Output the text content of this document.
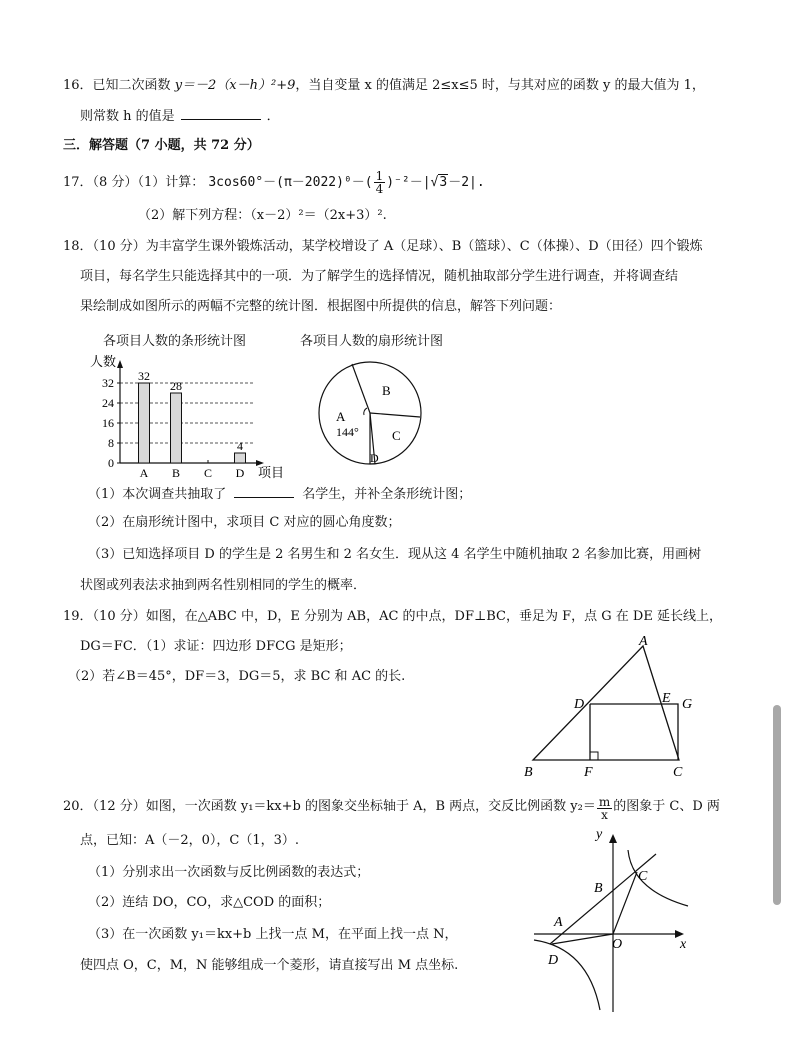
16．已知二次函数 y＝－2（x－h）²+9，当自变量 x 的值满足 2≤x≤5 时，与其对应的函数 y 的最大值为 1，
则常数 h 的值是	．
三．解答题（7 小题，共 72 分）
17．（8 分）（1）计算： $3\cos 60^\circ-(\pi-2022)^0-( \frac{1}{4} )^{-2}-|√3-2|$.
（2）解下列方程：（x－2）²＝（2x+3）².
18．（10 分）为丰富学生课外锻炼活动，某学校增设了 A（足球）、B（篮球）、C（体操）、D（田径）四个锻炼
项目，每名学生只能选择其中的一项．为了解学生的选择情况，随机抽取部分学生进行调查，并将调查结
果绘制成如图所示的两幅不完整的统计图．根据图中所提供的信息，解答下列问题：
各项目人数的条形统计图	各项目人数的扇形统计图
人数
32
28
4
0
8
16
24
32
A B C D 项目
B
A
144°	C
D
（1）本次调查共抽取了	名学生，并补全条形统计图；
（2）在扇形统计图中，求项目 C 对应的圆心角度数；
（3）已知选择项目 D 的学生是 2 名男生和 2 名女生．现从这 4 名学生中随机抽取 2 名参加比赛，用画树
状图或列表法求抽到两名性别相同的学生的概率．
19．（10 分）如图，在△ABC 中，D，E 分别为 AB，AC 的中点，DF⊥BC，垂足为 F，点 G 在 DE 延长线上，
DG＝FC．（1）求证：四边形 DFCG 是矩形；
（2）若∠B＝45°，DF＝3，DG＝5，求 BC 和 AC 的长.
A
D	E G
B	F	C
20．（12 分）如图，一次函数 y₁＝kx+b 的图象交坐标轴于 A，B 两点，交反比例函数 $y_2= \frac{m}{x}$ 的图象于 C、D 两
点，已知：A（－2，0），C（1，3）.
（1）分别求出一次函数与反比例函数的表达式；
（2）连结 DO，CO，求△COD 的面积；
（3）在一次函数 y₁＝kx+b 上找一点 M，在平面上找一点 N，
使四点 O，C，M，N 能够组成一个菱形，请直接写出 M 点坐标.
y
B
C
A
O	x
D
